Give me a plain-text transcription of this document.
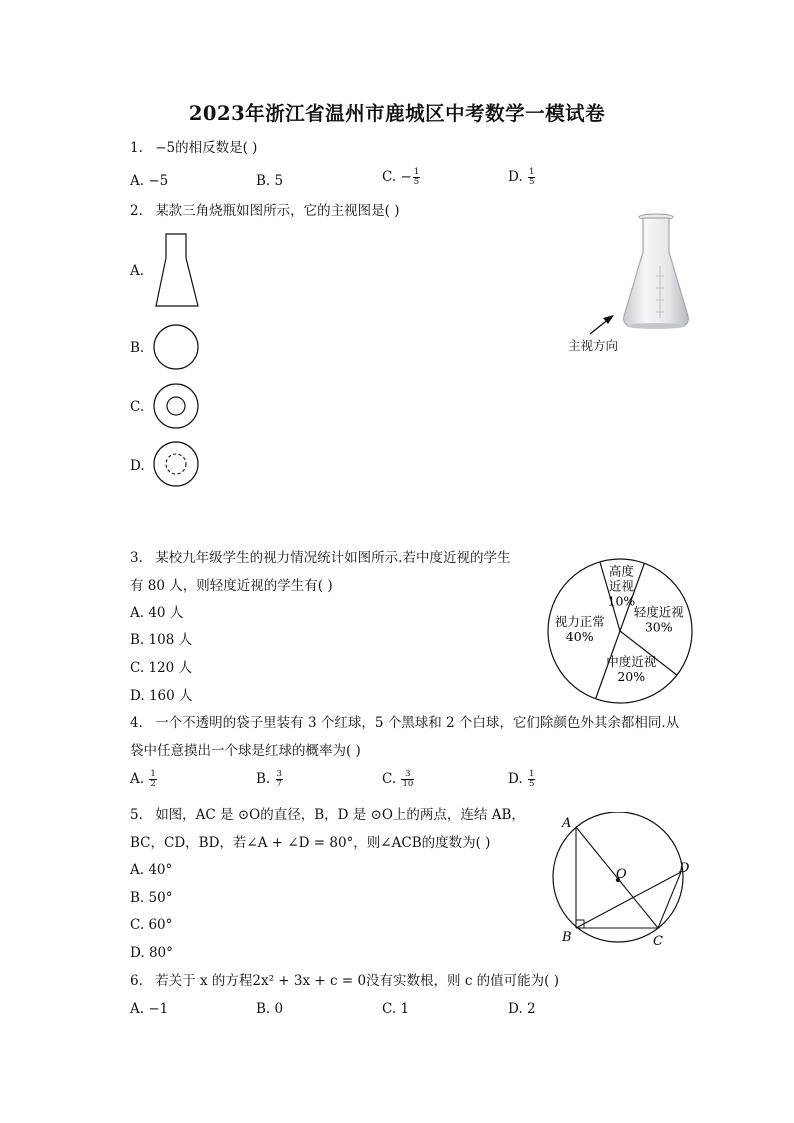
2023年浙江省温州市鹿城区中考数学一模试卷
1. −5的相反数是( )
A. −5	B. 5	C. − $\frac{1}{5}$	D. $\frac{1}{5}$
2. 某款三角烧瓶如图所示，它的主视图是( )
A.
B.
C.
D.
主视方向
3. 某校九年级学生的视力情况统计如图所示.若中度近视的学生
有 80 人，则轻度近视的学生有( )
A. 40 人
B. 108 人
C. 120 人
D. 160 人
高度
近视
10%
轻度近视
30%
中度近视
20%
视力正常
40%
4. 一个不透明的袋子里装有 3 个红球，5 个黑球和 2 个白球，它们除颜色外其余都相同.从
袋中任意摸出一个球是红球的概率为( )
A. $\frac{1}{2}$	B. $\frac{3}{7}$	C. $\frac{3}{10}$	D. $\frac{1}{5}$
5. 如图，AC 是 ⊙O的直径，B，D 是 ⊙O上的两点，连结 AB，
BC，CD，BD，若∠A + ∠D = 80°，则∠ACB的度数为( )
A. 40°
B. 50°
C. 60°
D. 80°
A
B	C
D
O
6. 若关于 x 的方程2x² + 3x + c = 0没有实数根，则 c 的值可能为( )
A. −1	B. 0	C. 1	D. 2
